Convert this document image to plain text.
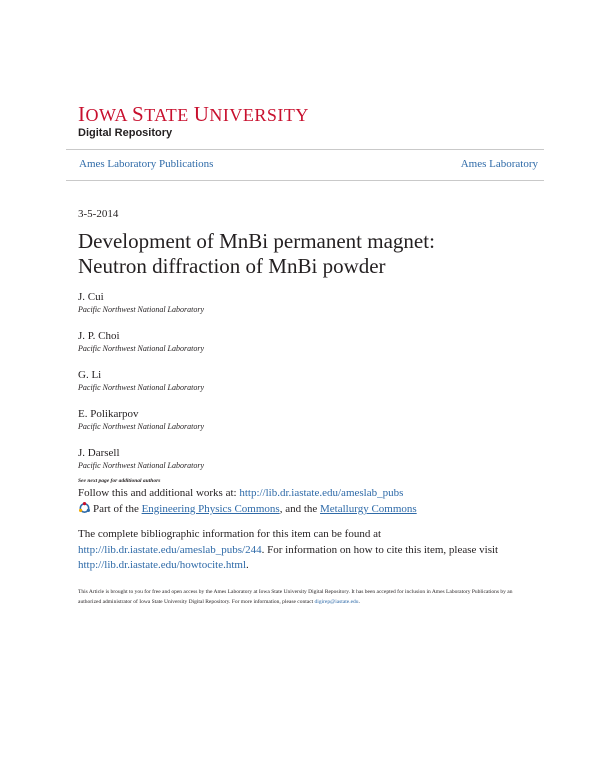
IOWA STATE UNIVERSITY
Digital Repository
Ames Laboratory Publications	Ames Laboratory
3-5-2014
Development of MnBi permanent magnet: Neutron diffraction of MnBi powder
J. Cui
Pacific Northwest National Laboratory
J. P. Choi
Pacific Northwest National Laboratory
G. Li
Pacific Northwest National Laboratory
E. Polikarpov
Pacific Northwest National Laboratory
J. Darsell
Pacific Northwest National Laboratory
See next page for additional authors
Follow this and additional works at: http://lib.dr.iastate.edu/ameslab_pubs
Part of the Engineering Physics Commons, and the Metallurgy Commons
The complete bibliographic information for this item can be found at http://lib.dr.iastate.edu/ameslab_pubs/244. For information on how to cite this item, please visit http://lib.dr.iastate.edu/howtocite.html.
This Article is brought to you for free and open access by the Ames Laboratory at Iowa State University Digital Repository. It has been accepted for inclusion in Ames Laboratory Publications by an authorized administrator of Iowa State University Digital Repository. For more information, please contact digirep@iastate.edu.
